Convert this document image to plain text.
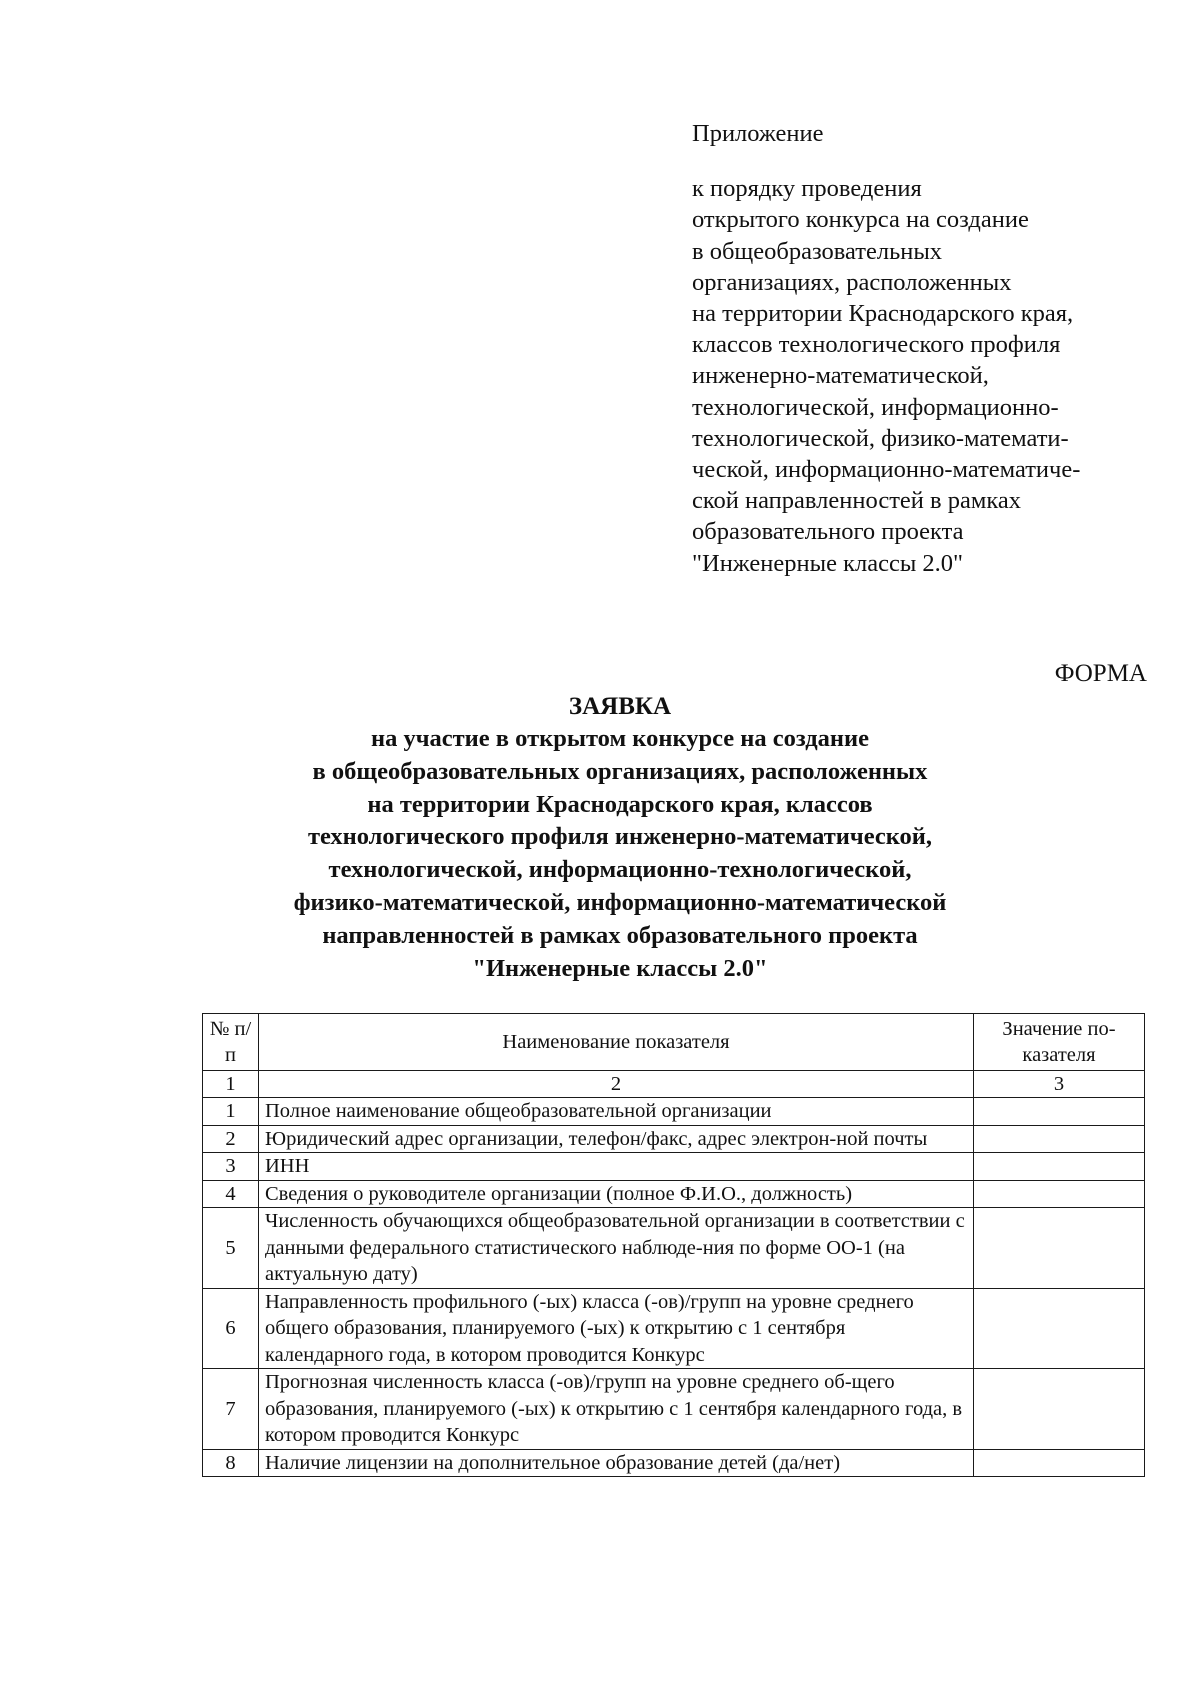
Приложение
к порядку проведения
открытого конкурса на создание
в общеобразовательных
организациях, расположенных
на территории Краснодарского края,
классов технологического профиля
инженерно-математической,
технологической, информационно-
технологической, физико-математи-
ческой, информационно-математиче-
ской направленностей в рамках
образовательного проекта
"Инженерные классы 2.0"
ФОРМА
ЗАЯВКА
на участие в открытом конкурсе на создание
в общеобразовательных организациях, расположенных
на территории Краснодарского края, классов
технологического профиля инженерно-математической,
технологической, информационно-технологической,
физико-математической, информационно-математической
направленностей в рамках образовательного проекта
"Инженерные классы 2.0"
№ п/п	Наименование показателя	Значение по-казателя
1	2	3
1	Полное наименование общеобразовательной организации	
2	Юридический адрес организации, телефон/факс, адрес электрон-ной почты	
3	ИНН	
4	Сведения о руководителе организации (полное Ф.И.О., должность)	
5	Численность обучающихся общеобразовательной организации в соответствии с данными федерального статистического наблюде-ния по форме ОО-1 (на актуальную дату)	
6	Направленность профильного (-ых) класса (-ов)/групп на уровне среднего общего образования, планируемого (-ых) к открытию с 1 сентября календарного года, в котором проводится Конкурс	
7	Прогнозная численность класса (-ов)/групп на уровне среднего об-щего образования, планируемого (-ых) к открытию с 1 сентября календарного года, в котором проводится Конкурс	
8	Наличие лицензии на дополнительное образование детей (да/нет)	
